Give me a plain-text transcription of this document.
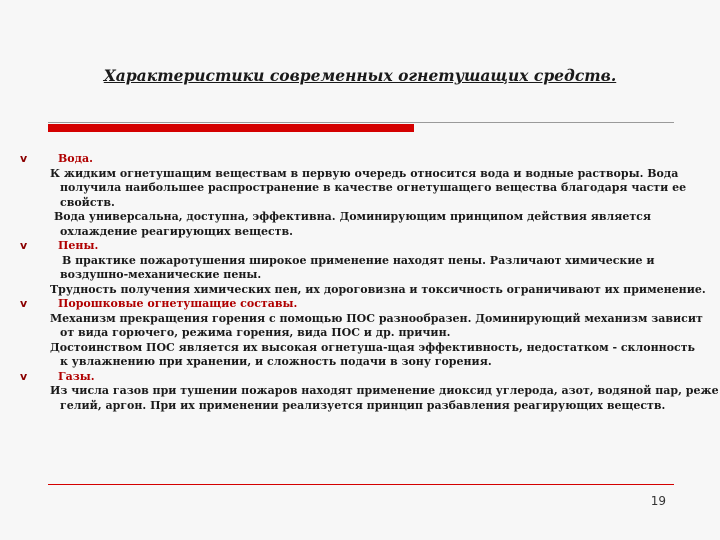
Характеристики современных огнетушащих средств.
v	Вода.
К жидким огнетушащим веществам в первую очередь относится вода и водные растворы. Вода
получила наибольшее распространение в качестве огнетушащего вещества благодаря части ее
свойств.
Вода универсальна, доступна, эффективна. Доминирующим принципом действия является
охлаждение реагирующих веществ.
v	Пены.
В практике пожаротушения широкое применение находят пены. Различают химические и
воздушно-механические пены.
Трудность получения химических пен, их дороговизна и токсичность ограничивают их применение.
v	Порошковые огнетушащие составы.
Механизм прекращения горения с помощью ПОС разнообразен. Доминирующий механизм зависит
от вида горючего, режима горения, вида ПОС и др. причин.
Достоинством ПОС является их высокая огнетуша-щая эффективность, недостатком - склонность
к увлажнению при хранении, и сложность подачи в зону горения.
v	Газы.
Из числа газов при тушении пожаров находят применение диоксид углерода, азот, водяной пар, реже
гелий, аргон. При их применении реализуется принцип разбавления реагирующих веществ.
19
